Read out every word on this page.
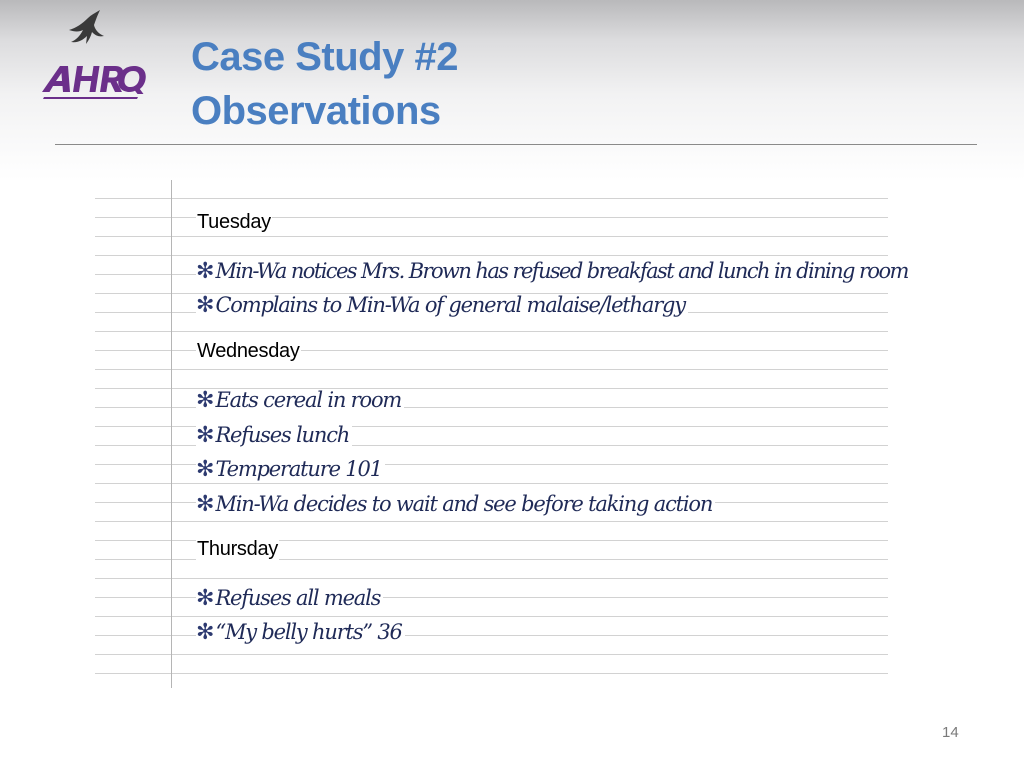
Case Study #2
Observations
Tuesday
✻Min-Wa notices Mrs. Brown has refused breakfast and lunch in dining room
✻Complains to Min-Wa of general malaise/lethargy
Wednesday
✻Eats cereal in room
✻Refuses lunch
✻Temperature 101
✻Min-Wa decides to wait and see before taking action
Thursday
✻Refuses all meals
✻“My belly hurts” 36
14
